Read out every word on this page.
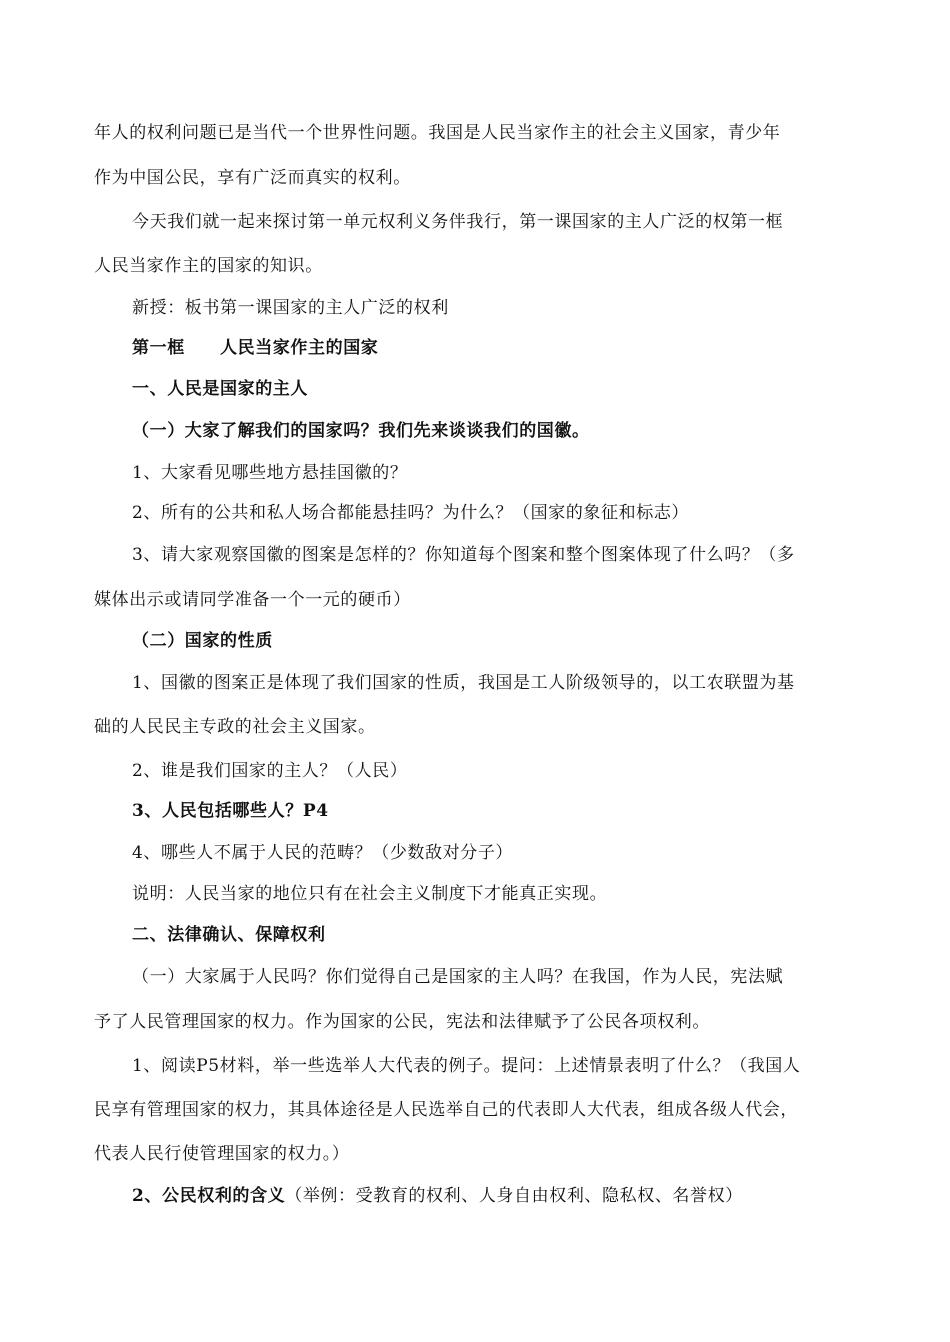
年人的权利问题已是当代一个世界性问题。我国是人民当家作主的社会主义国家，青少年
作为中国公民，享有广泛而真实的权利。
今天我们就一起来探讨第一单元权利义务伴我行，第一课国家的主人广泛的权第一框
人民当家作主的国家的知识。
新授：板书第一课国家的主人广泛的权利
第一框　　人民当家作主的国家
一、人民是国家的主人
（一）大家了解我们的国家吗？我们先来谈谈我们的国徽。
1、大家看见哪些地方悬挂国徽的？
2、所有的公共和私人场合都能悬挂吗？为什么？（国家的象征和标志）
3、请大家观察国徽的图案是怎样的？你知道每个图案和整个图案体现了什么吗？（多
媒体出示或请同学准备一个一元的硬币）
（二）国家的性质
1、国徽的图案正是体现了我们国家的性质，我国是工人阶级领导的，以工农联盟为基
础的人民民主专政的社会主义国家。
2、谁是我们国家的主人？（人民）
3、人民包括哪些人？P4
4、哪些人不属于人民的范畴？（少数敌对分子）
说明：人民当家的地位只有在社会主义制度下才能真正实现。
二、法律确认、保障权利
（一）大家属于人民吗？你们觉得自己是国家的主人吗？在我国，作为人民，宪法赋
予了人民管理国家的权力。作为国家的公民，宪法和法律赋予了公民各项权利。
1、阅读P5材料，举一些选举人大代表的例子。提问：上述情景表明了什么？（我国人
民享有管理国家的权力，其具体途径是人民选举自己的代表即人大代表，组成各级人代会，
代表人民行使管理国家的权力。）
2、公民权利的含义（举例：受教育的权利、人身自由权利、隐私权、名誉权）
